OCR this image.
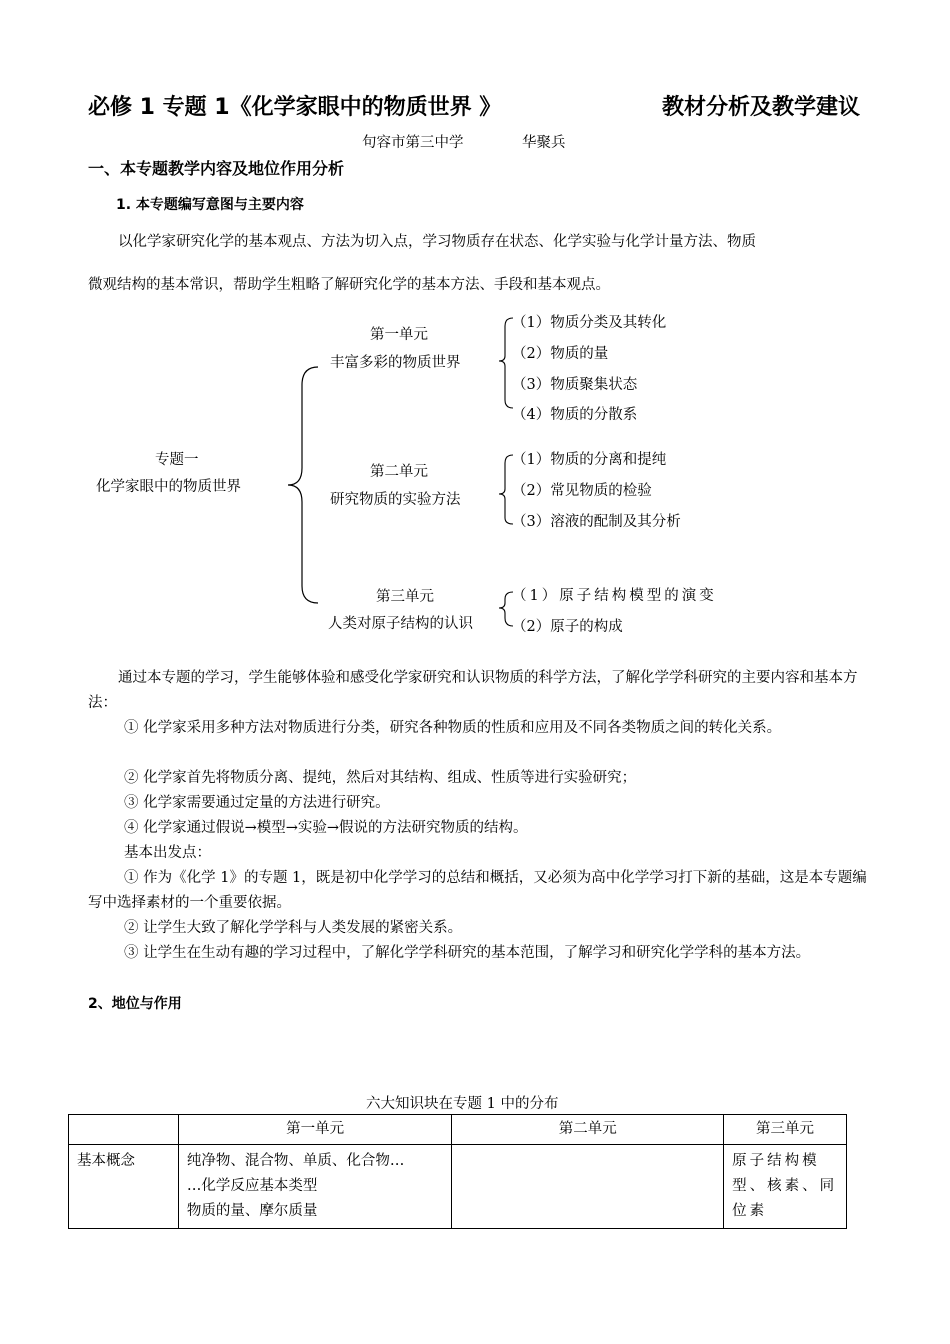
必修 1 专题 1《化学家眼中的物质世界 》	教材分析及教学建议
句容市第三中学	华聚兵
一、本专题教学内容及地位作用分析
1. 本专题编写意图与主要内容
以化学家研究化学的基本观点、方法为切入点，学习物质存在状态、化学实验与化学计量方法、物质
微观结构的基本常识，帮助学生粗略了解研究化学的基本方法、手段和基本观点。
专题一
化学家眼中的物质世界
第一单元
丰富多彩的物质世界
（1）物质分类及其转化
（2）物质的量
（3）物质聚集状态
（4）物质的分散系
第二单元
研究物质的实验方法
（1）物质的分离和提纯
（2）常见物质的检验
（3）溶液的配制及其分析
第三单元
人类对原子结构的认识
（1）原子结构模型的演变
（2）原子的构成
通过本专题的学习，学生能够体验和感受化学家研究和认识物质的科学方法，了解化学学科研究的主要内容和基本方法：
① 化学家采用多种方法对物质进行分类，研究各种物质的性质和应用及不同各类物质之间的转化关系。
② 化学家首先将物质分离、提纯，然后对其结构、组成、性质等进行实验研究；
③ 化学家需要通过定量的方法进行研究。
④ 化学家通过假说→模型→实验→假说的方法研究物质的结构。
基本出发点：
① 作为《化学 1》的专题 1，既是初中化学学习的总结和概括，又必须为高中化学学习打下新的基础，这是本专题编写中选择素材的一个重要依据。
② 让学生大致了解化学学科与人类发展的紧密关系。
③ 让学生在生动有趣的学习过程中，了解化学学科研究的基本范围，了解学习和研究化学学科的基本方法。
2、地位与作用
六大知识块在专题 1 中的分布
	第一单元	第二单元	第三单元
基本概念	纯净物、混合物、单质、化合物…
…化学反应基本类型
物质的量、摩尔质量		原子结构模型、核素、同位素
